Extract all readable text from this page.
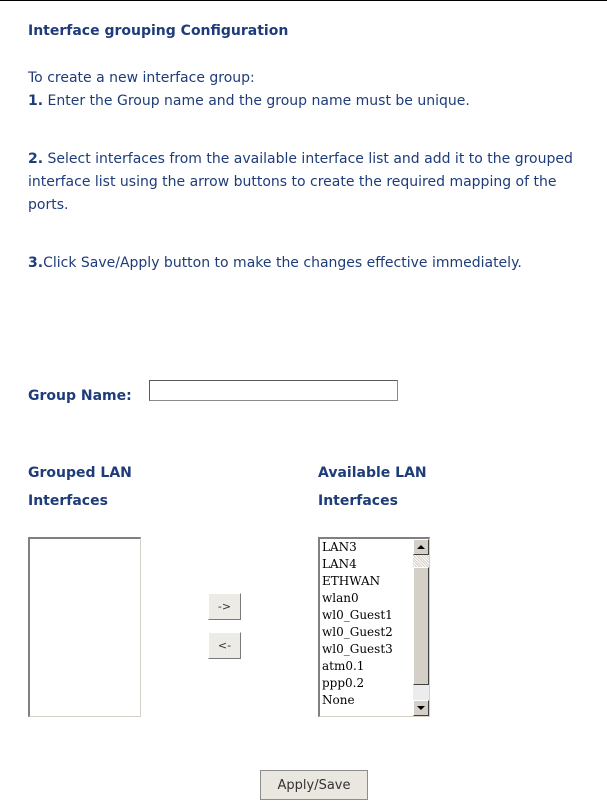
Interface grouping Configuration
To create a new interface group:
1. Enter the Group name and the group name must be unique.
2. Select interfaces from the available interface list and add it to the grouped interface list using the arrow buttons to create the required mapping of the ports.
3.Click Save/Apply button to make the changes effective immediately.
Group Name:
Grouped LAN
Interfaces
Available LAN
Interfaces
->
<-
LAN3
LAN4
ETHWAN
wlan0
wl0_Guest1
wl0_Guest2
wl0_Guest3
atm0.1
ppp0.2
None
Apply/Save
